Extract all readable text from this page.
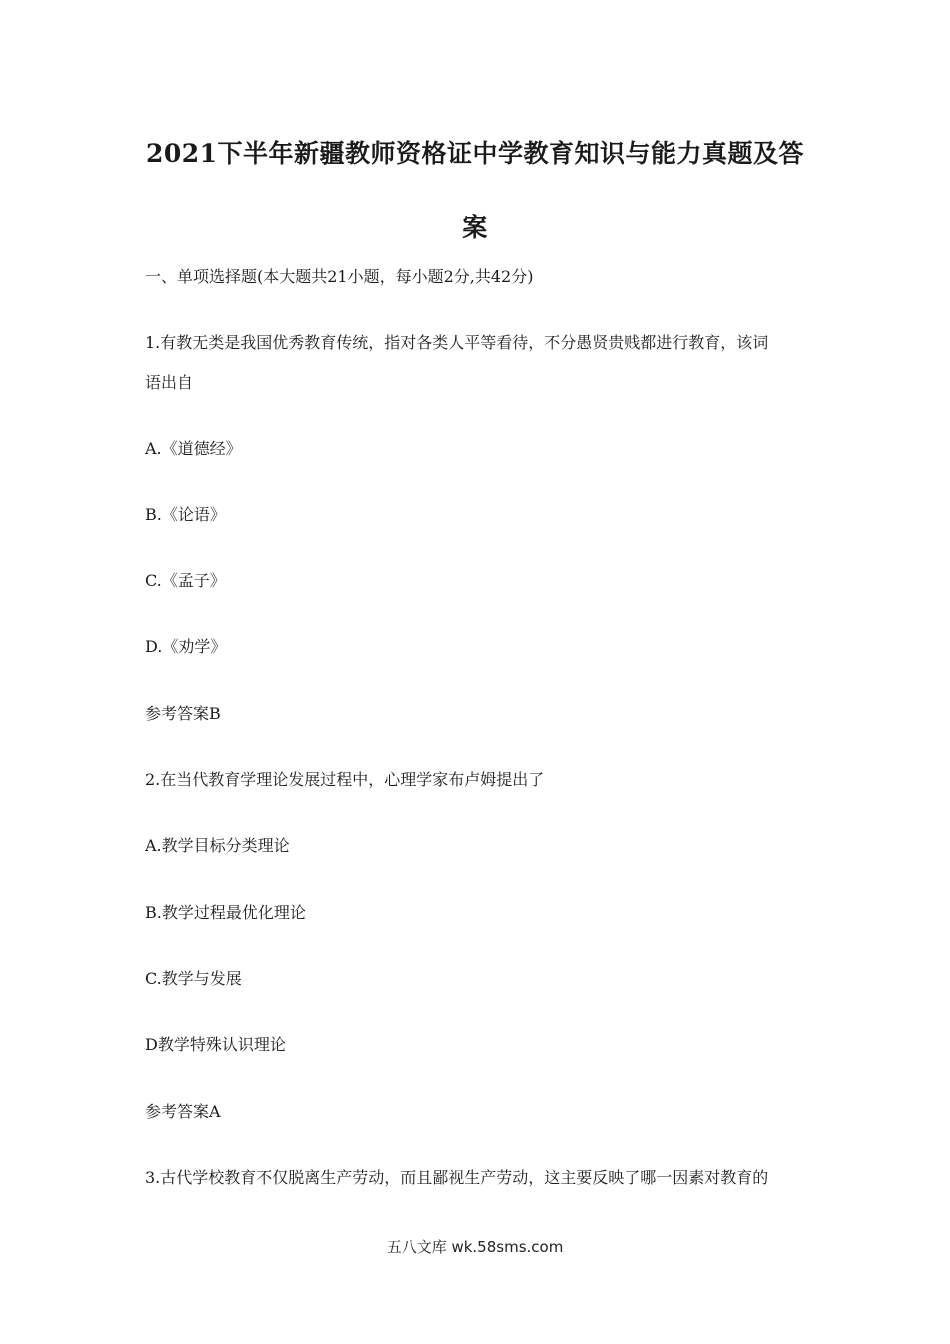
2021下半年新疆教师资格证中学教育知识与能力真题及答
案

一、单项选择题(本大题共21小题，每小题2分,共42分)

1.有教无类是我国优秀教育传统，指对各类人平等看待，不分愚贤贵贱都进行教育，该词

语出自

A.《道德经》

B.《论语》

C.《孟子》

D.《劝学》

参考答案B

2.在当代教育学理论发展过程中，心理学家布卢姆提出了

A.教学目标分类理论

B.教学过程最优化理论

C.教学与发展

D教学特殊认识理论

参考答案A

3.古代学校教育不仅脱离生产劳动，而且鄙视生产劳动，这主要反映了哪一因素对教育的

五八文库 wk.58sms.com
